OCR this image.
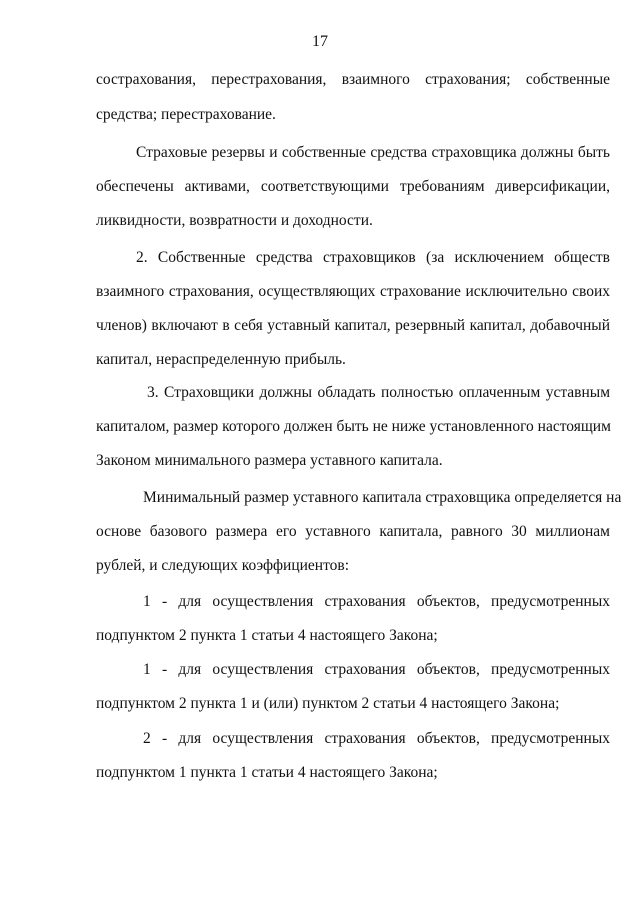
17
сострахования, перестрахования, взаимного страхования; собственные
средства; перестрахование.
Страховые резервы и собственные средства страховщика должны быть
обеспечены активами, соответствующими требованиям диверсификации,
ликвидности, возвратности и доходности.
2. Собственные средства страховщиков (за исключением обществ
взаимного страхования, осуществляющих страхование исключительно своих
членов) включают в себя уставный капитал, резервный капитал, добавочный
капитал, нераспределенную прибыль.
3. Страховщики должны обладать полностью оплаченным уставным
капиталом, размер которого должен быть не ниже установленного настоящим
Законом минимального размера уставного капитала.
Минимальный размер уставного капитала страховщика определяется на
основе базового размера его уставного капитала, равного 30 миллионам
рублей, и следующих коэффициентов:
1 - для осуществления страхования объектов, предусмотренных
подпунктом 2 пункта 1 статьи 4 настоящего Закона;
1 - для осуществления страхования объектов, предусмотренных
подпунктом 2 пункта 1 и (или) пунктом 2 статьи 4 настоящего Закона;
2 - для осуществления страхования объектов, предусмотренных
подпунктом 1 пункта 1 статьи 4 настоящего Закона;
